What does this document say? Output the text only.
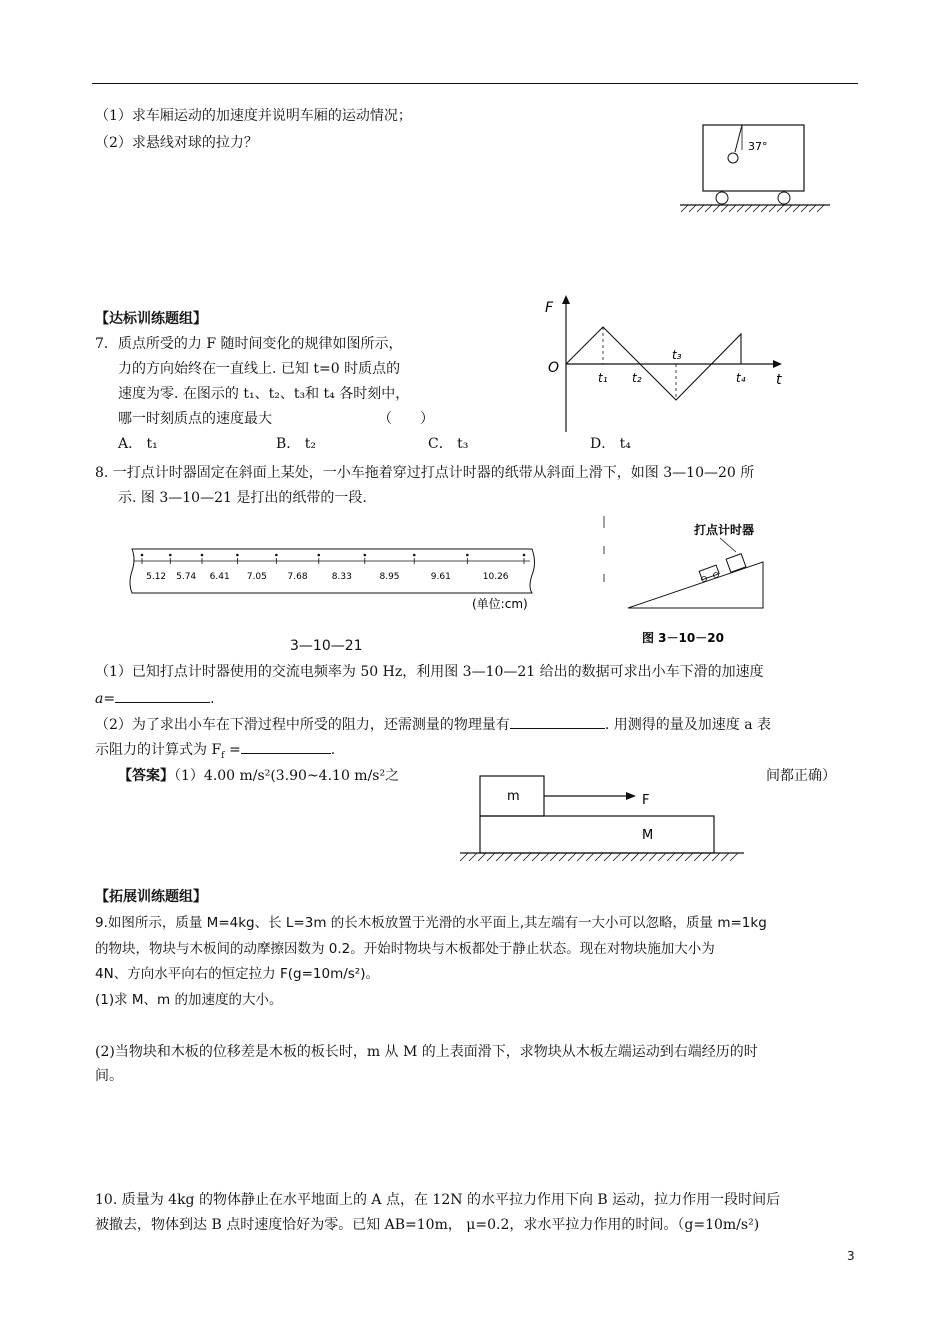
（1）求车厢运动的加速度并说明车厢的运动情况；
（2）求悬线对球的拉力？	37°
【达标训练题组】
7．质点所受的力 F 随时间变化的规律如图所示，
力的方向始终在一直线上. 已知 t=0 时质点的
速度为零. 在图示的 t₁、t₂、t₃和 t₄ 各时刻中，
哪一时刻质点的速度最大	（　　）
A． t₁	B． t₂	C． t₃	D． t₄
F
t
O
t₁ t₂
t₃
t₄
8. 一打点计时器固定在斜面上某处，一小车拖着穿过打点计时器的纸带从斜面上滑下，如图 3—10—20 所
示. 图 3—10—21 是打出的纸带的一段.
5.12 5.74 6.41 7.05 7.68	8.33	8.95	9.61	10.26
(单位:cm)
3—10—21
打点计时器
图 3－10－20
（1）已知打点计时器使用的交流电频率为 50 Hz，利用图 3—10—21 给出的数据可求出小车下滑的加速度
a=	.
（2）为了求出小车在下滑过程中所受的阻力，还需测量的物理量有	. 用测得的量及加速度 a 表
示阻力的计算式为 $F_f$ =	.
【答案】（1）4.00 m/s²(3.90~4.10 m/s²之	间都正确）
m	F
M
【拓展训练题组】
9.如图所示，质量 M=4kg、长 L=3m 的长木板放置于光滑的水平面上,其左端有一大小可以忽略，质量 m=1kg
的物块，物块与木板间的动摩擦因数为 0.2。开始时物块与木板都处于静止状态。现在对物块施加大小为
4N、方向水平向右的恒定拉力 F(g=10m/s²)。
(1)求 M、m 的加速度的大小。
(2)当物块和木板的位移差是木板的板长时，m 从 M 的上表面滑下，求物块从木板左端运动到右端经历的时
间。
10. 质量为 4kg 的物体静止在水平地面上的 A 点，在 12N 的水平拉力作用下向 B 运动，拉力作用一段时间后
被撤去，物体到达 B 点时速度恰好为零。已知 AB=10m， μ=0.2，求水平拉力作用的时间。（g=10m/s²)
3
